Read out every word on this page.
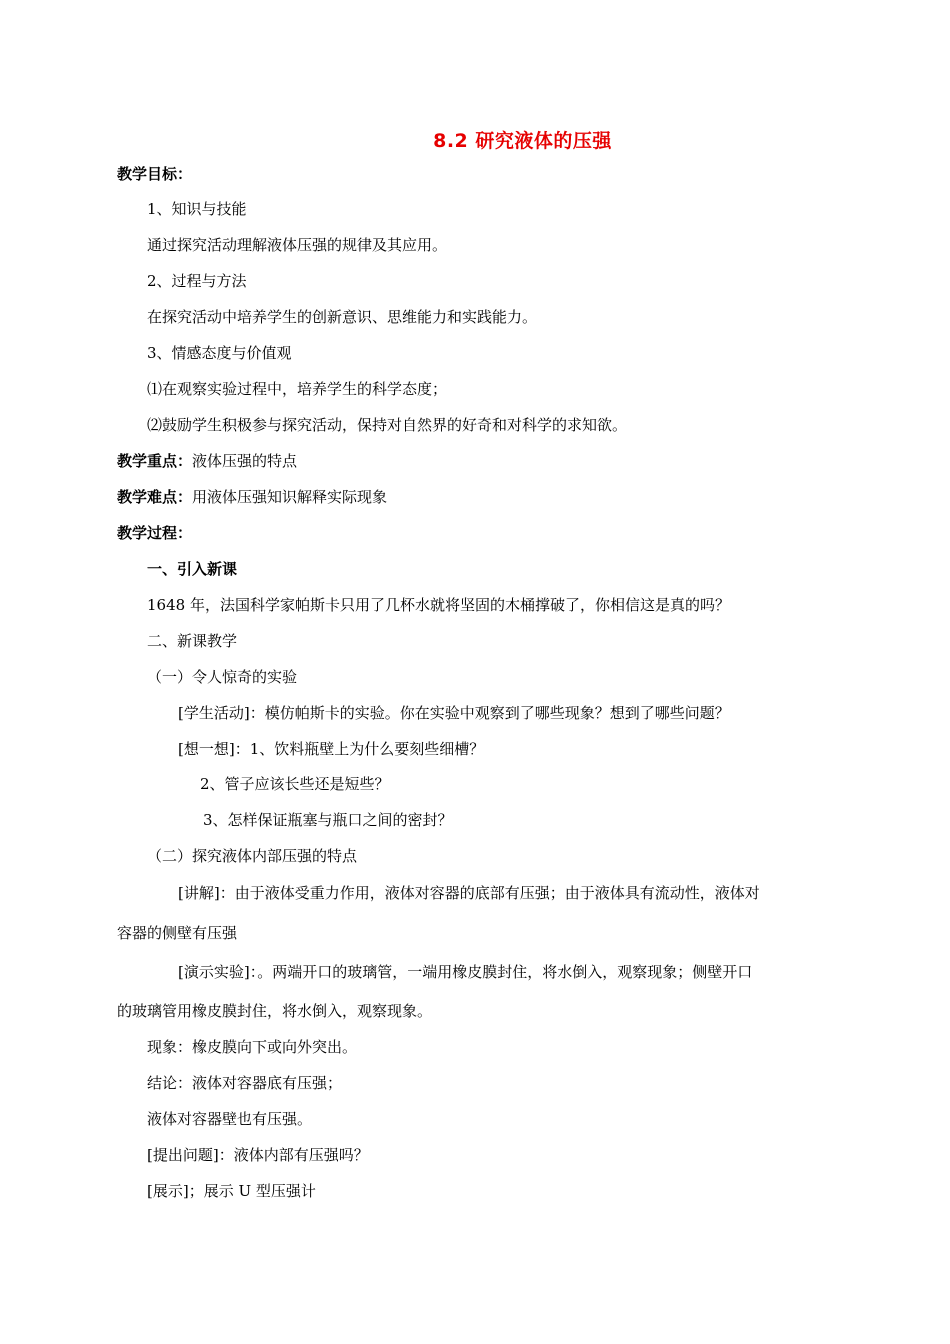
8.2 研究液体的压强
教学目标：
1、知识与技能
通过探究活动理解液体压强的规律及其应用。
2、过程与方法
在探究活动中培养学生的创新意识、思维能力和实践能力。
3、情感态度与价值观
⑴在观察实验过程中，培养学生的科学态度；
⑵鼓励学生积极参与探究活动，保持对自然界的好奇和对科学的求知欲。
教学重点：液体压强的特点
教学难点：用液体压强知识解释实际现象
教学过程：
一、引入新课
1648 年，法国科学家帕斯卡只用了几杯水就将坚固的木桶撑破了，你相信这是真的吗？
二、新课教学
（一）令人惊奇的实验
[学生活动]：模仿帕斯卡的实验。你在实验中观察到了哪些现象？想到了哪些问题？
[想一想]：1、饮料瓶壁上为什么要刻些细槽？
2、管子应该长些还是短些？
3、怎样保证瓶塞与瓶口之间的密封？
（二）探究液体内部压强的特点
[讲解]：由于液体受重力作用，液体对容器的底部有压强；由于液体具有流动性，液体对
容器的侧壁有压强
[演示实验]：。两端开口的玻璃管，一端用橡皮膜封住，将水倒入，观察现象；侧壁开口
的玻璃管用橡皮膜封住，将水倒入，观察现象。
现象：橡皮膜向下或向外突出。
结论：液体对容器底有压强；
液体对容器壁也有压强。
[提出问题]：液体内部有压强吗？
[展示]；展示 U 型压强计
